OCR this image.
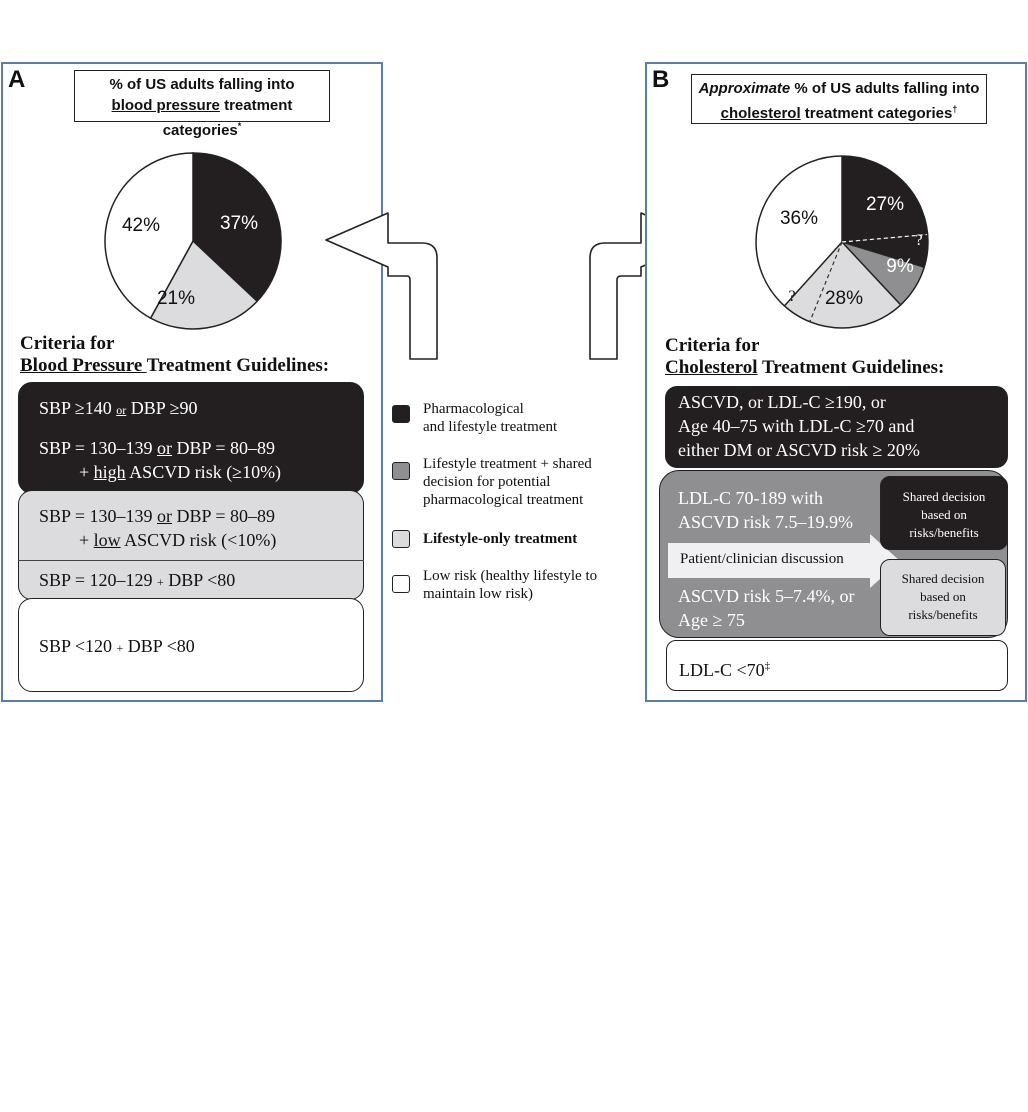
A	% of US adults falling into
blood pressure treatment categories*
37%
21%
42%
Criteria for
Blood Pressure Treatment Guidelines:
SBP ≥140 or DBP ≥90
SBP = 130–139 or DBP = 80–89
+ high ASCVD risk (≥10%)
SBP = 130–139 or DBP = 80–89
+ low ASCVD risk (<10%)
SBP = 120–129 + DBP <80
SBP <120 + DBP <80
Pharmacological
and lifestyle treatment
Lifestyle treatment + shared
decision for potential
pharmacological treatment
Lifestyle-only treatment
Low risk (healthy lifestyle to
maintain low risk)
B	Approximate % of US adults falling into
cholesterol treatment categories†
27%
?
9%
28%
?
36%
Criteria for
Cholesterol Treatment Guidelines:
ASCVD, or LDL-C ≥190, or
Age 40–75 with LDL-C ≥70 and
either DM or ASCVD risk ≥ 20%
LDL-C 70-189 with
ASCVD risk 7.5–19.9%
ASCVD risk 5–7.4%, or
Age ≥ 75
Patient/clinician discussion
Shared decision
based on
risks/benefits
Shared decision
based on
risks/benefits
LDL-C <70‡
